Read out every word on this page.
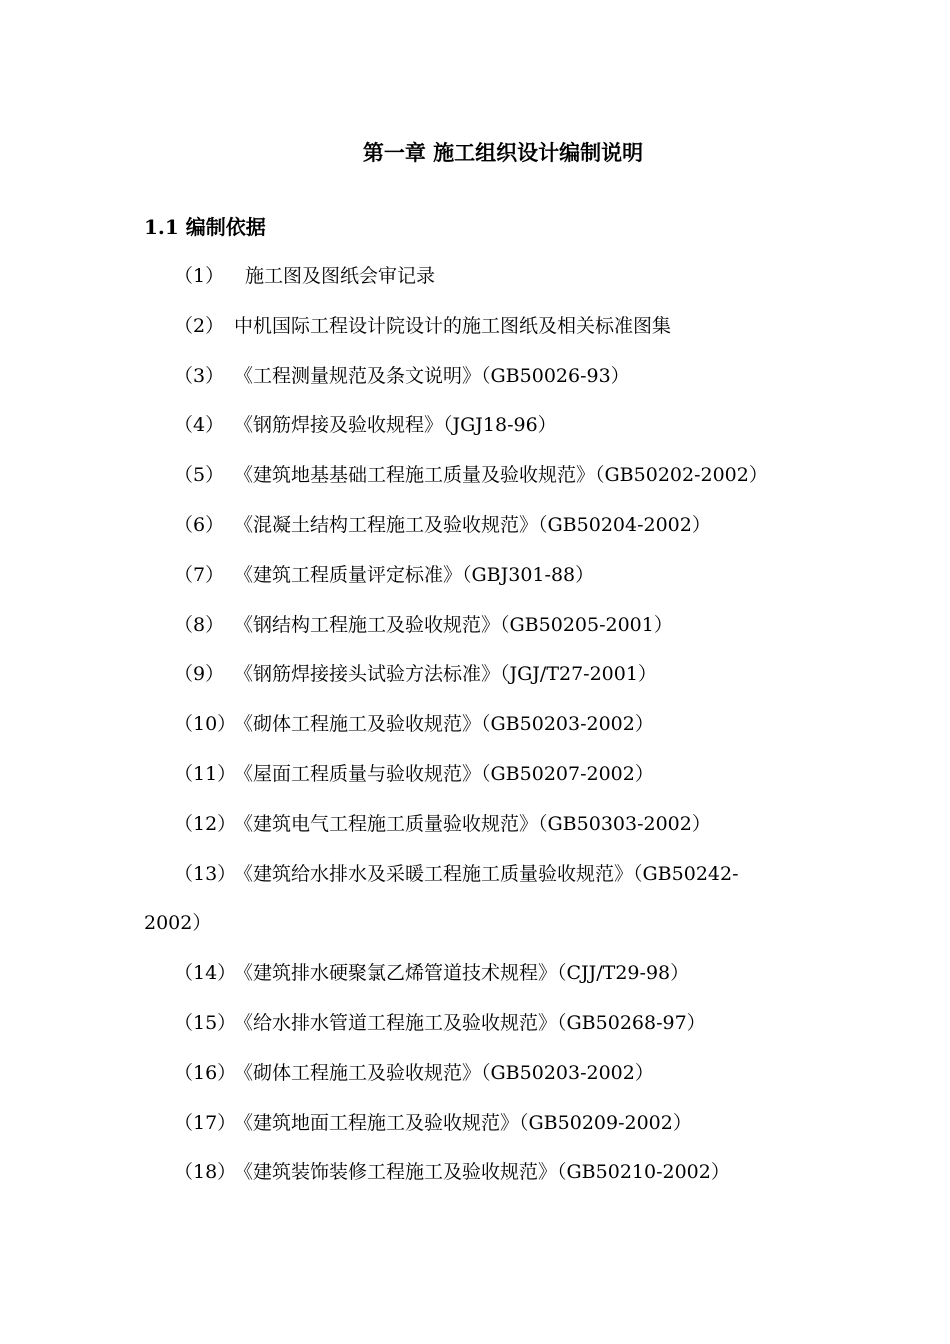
第一章 施工组织设计编制说明
1.1 编制依据
（1） 施工图及图纸会审记录
（2） 中机国际工程设计院设计的施工图纸及相关标准图集
（3） 《工程测量规范及条文说明》（GB50026-93）
（4） 《钢筋焊接及验收规程》（JGJ18-96）
（5） 《建筑地基基础工程施工质量及验收规范》（GB50202-2002）
（6） 《混凝土结构工程施工及验收规范》（GB50204-2002）
（7） 《建筑工程质量评定标准》（GBJ301-88）
（8） 《钢结构工程施工及验收规范》（GB50205-2001）
（9） 《钢筋焊接接头试验方法标准》（JGJ/T27-2001）
（10）
《砌体工程施工及验收规范》（GB50203-2002）
（11）
《屋面工程质量与验收规范》（GB50207-2002）
（12）
《建筑电气工程施工质量验收规范》（GB50303-2002）
（13）
《建筑给水排水及采暖工程施工质量验收规范》（GB50242-
2002）
（14）
《建筑排水硬聚氯乙烯管道技术规程》（CJJ/T29-98）
（15）
《给水排水管道工程施工及验收规范》（GB50268-97）
（16）
《砌体工程施工及验收规范》（GB50203-2002）
（17）
《建筑地面工程施工及验收规范》（GB50209-2002）
（18）
《建筑装饰装修工程施工及验收规范》（GB50210-2002）
